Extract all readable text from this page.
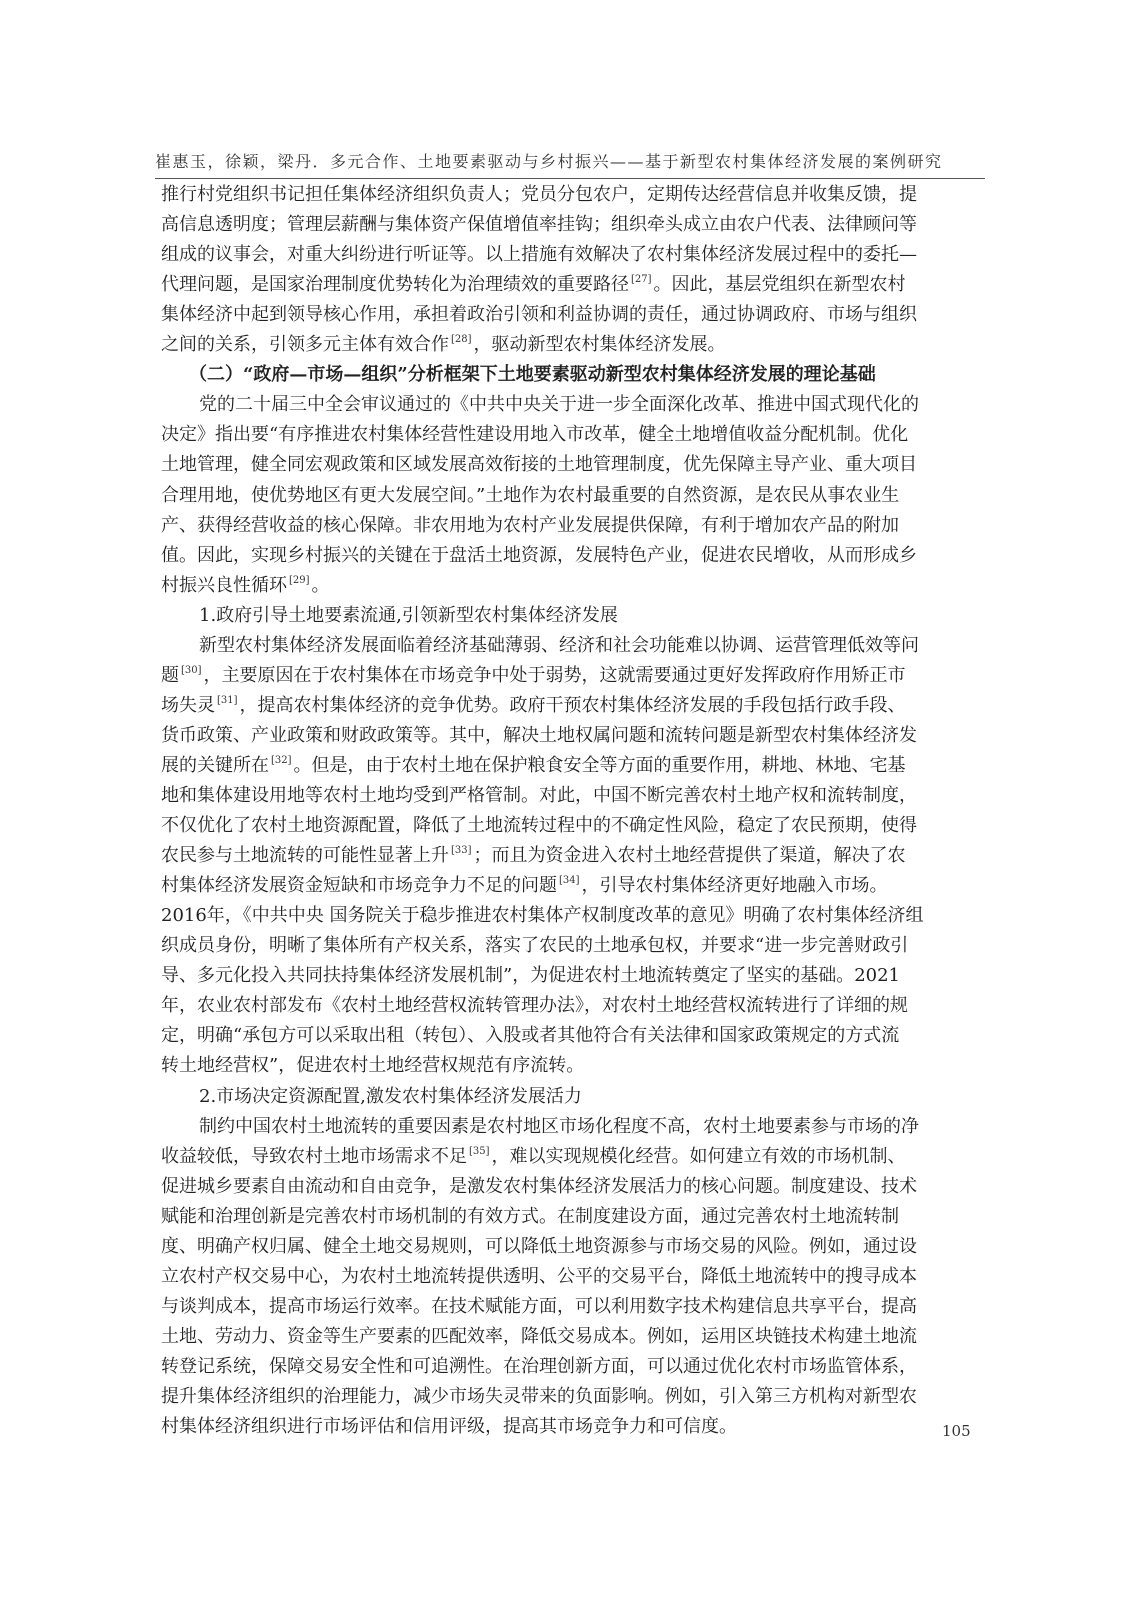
崔惠玉，徐颖，梁丹．多元合作、土地要素驱动与乡村振兴——基于新型农村集体经济发展的案例研究
推行村党组织书记担任集体经济组织负责人；党员分包农户，定期传达经营信息并收集反馈，提
高信息透明度；管理层薪酬与集体资产保值增值率挂钩；组织牵头成立由农户代表、法律顾问等
组成的议事会，对重大纠纷进行听证等。以上措施有效解决了农村集体经济发展过程中的委托—
代理问题，是国家治理制度优势转化为治理绩效的重要路径 [27] 。因此，基层党组织在新型农村
集体经济中起到领导核心作用，承担着政治引领和利益协调的责任，通过协调政府、市场与组织
之间的关系，引领多元主体有效合作 [28] ，驱动新型农村集体经济发展。
（二）“政府—市场—组织”分析框架下土地要素驱动新型农村集体经济发展的理论基础
党的二十届三中全会审议通过的《中共中央关于进一步全面深化改革、推进中国式现代化的
决定》指出要“有序推进农村集体经营性建设用地入市改革，健全土地增值收益分配机制。优化
土地管理，健全同宏观政策和区域发展高效衔接的土地管理制度，优先保障主导产业、重大项目
合理用地，使优势地区有更大发展空间。”土地作为农村最重要的自然资源，是农民从事农业生
产、获得经营收益的核心保障。非农用地为农村产业发展提供保障，有利于增加农产品的附加
值。因此，实现乡村振兴的关键在于盘活土地资源，发展特色产业，促进农民增收，从而形成乡
村振兴良性循环 [29] 。
1.政府引导土地要素流通,引领新型农村集体经济发展
新型农村集体经济发展面临着经济基础薄弱、经济和社会功能难以协调、运营管理低效等问
题 [30] ，主要原因在于农村集体在市场竞争中处于弱势，这就需要通过更好发挥政府作用矫正市
场失灵 [31] ，提高农村集体经济的竞争优势。政府干预农村集体经济发展的手段包括行政手段、
货币政策、产业政策和财政政策等。其中，解决土地权属问题和流转问题是新型农村集体经济发
展的关键所在 [32] 。但是，由于农村土地在保护粮食安全等方面的重要作用，耕地、林地、宅基
地和集体建设用地等农村土地均受到严格管制。对此，中国不断完善农村土地产权和流转制度，
不仅优化了农村土地资源配置，降低了土地流转过程中的不确定性风险，稳定了农民预期，使得
农民参与土地流转的可能性显著上升 [33] ；而且为资金进入农村土地经营提供了渠道，解决了农
村集体经济发展资金短缺和市场竞争力不足的问题 [34] ，引导农村集体经济更好地融入市场。
2016年，《中共中央 国务院关于稳步推进农村集体产权制度改革的意见》明确了农村集体经济组
织成员身份，明晰了集体所有产权关系，落实了农民的土地承包权，并要求“进一步完善财政引
导、多元化投入共同扶持集体经济发展机制”，为促进农村土地流转奠定了坚实的基础。2021
年，农业农村部发布《农村土地经营权流转管理办法》，对农村土地经营权流转进行了详细的规
定，明确“承包方可以采取出租（转包）、入股或者其他符合有关法律和国家政策规定的方式流
转土地经营权”，促进农村土地经营权规范有序流转。
2.市场决定资源配置,激发农村集体经济发展活力
制约中国农村土地流转的重要因素是农村地区市场化程度不高，农村土地要素参与市场的净
收益较低，导致农村土地市场需求不足 [35] ，难以实现规模化经营。如何建立有效的市场机制、
促进城乡要素自由流动和自由竞争，是激发农村集体经济发展活力的核心问题。制度建设、技术
赋能和治理创新是完善农村市场机制的有效方式。在制度建设方面，通过完善农村土地流转制
度、明确产权归属、健全土地交易规则，可以降低土地资源参与市场交易的风险。例如，通过设
立农村产权交易中心，为农村土地流转提供透明、公平的交易平台，降低土地流转中的搜寻成本
与谈判成本，提高市场运行效率。在技术赋能方面，可以利用数字技术构建信息共享平台，提高
土地、劳动力、资金等生产要素的匹配效率，降低交易成本。例如，运用区块链技术构建土地流
转登记系统，保障交易安全性和可追溯性。在治理创新方面，可以通过优化农村市场监管体系，
提升集体经济组织的治理能力，减少市场失灵带来的负面影响。例如，引入第三方机构对新型农
村集体经济组织进行市场评估和信用评级，提高其市场竞争力和可信度。	105
